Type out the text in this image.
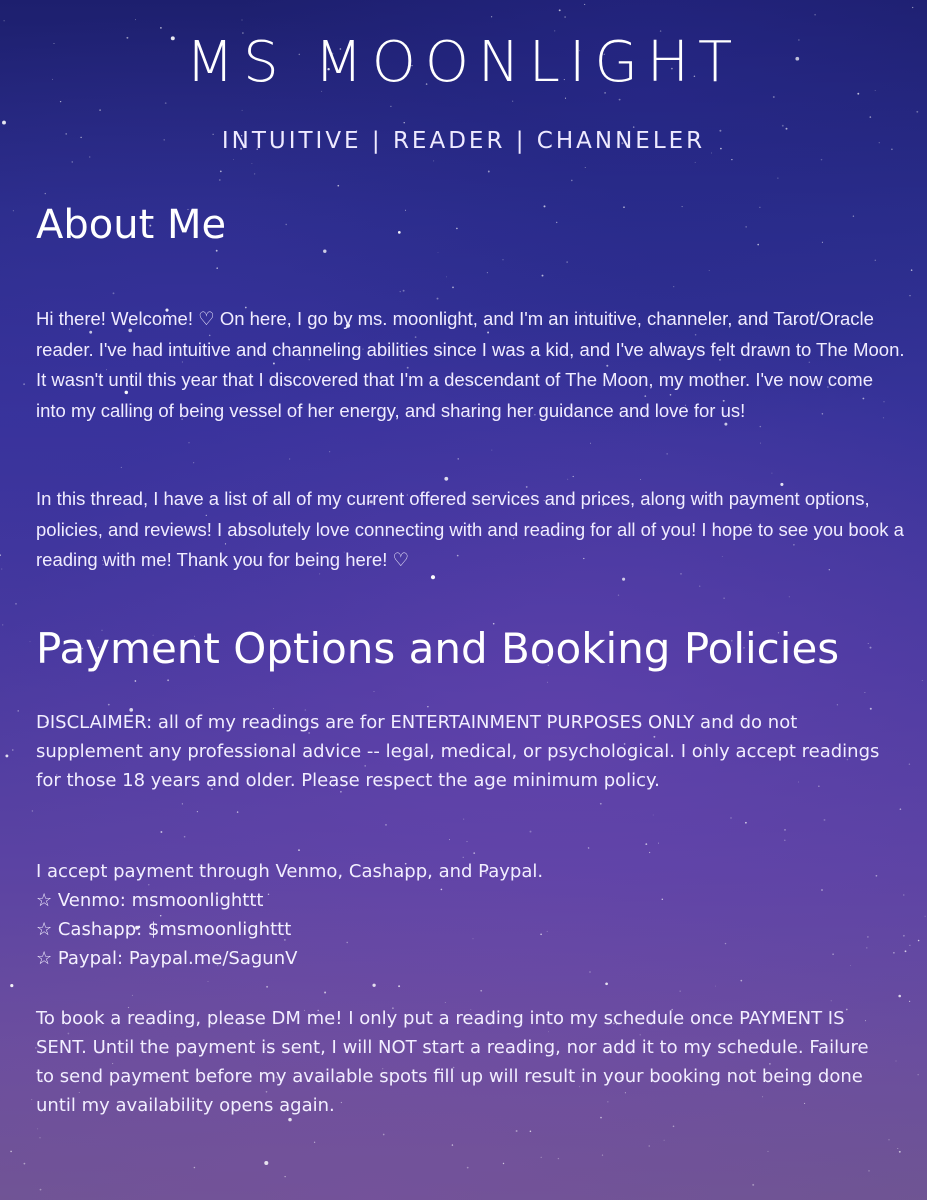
MS MOONLIGHT
INTUITIVE | READER | CHANNELER
About Me

Hi there! Welcome! ♡ On here, I go by ms. moonlight, and I'm an intuitive, channeler, and Tarot/Oracle reader. I've had intuitive and channeling abilities since I was a kid, and I've always felt drawn to The Moon. It wasn't until this year that I discovered that I'm a descendant of The Moon, my mother. I've now come into my calling of being vessel of her energy, and sharing her guidance and love for us!

In this thread, I have a list of all of my current offered services and prices, along with payment options, policies, and reviews! I absolutely love connecting with and reading for all of you! I hope to see you book a reading with me! Thank you for being here! ♡

Payment Options and Booking Policies

DISCLAIMER: all of my readings are for ENTERTAINMENT PURPOSES ONLY and do not supplement any professional advice -- legal, medical, or psychological. I only accept readings for those 18 years and older. Please respect the age minimum policy.

I accept payment through Venmo, Cashapp, and Paypal.

☆ Venmo: msmoonlighttt
☆ Cashapp: $msmoonlighttt
☆ Paypal: Paypal.me/SagunV

To book a reading, please DM me! I only put a reading into my schedule once PAYMENT IS SENT. Until the payment is sent, I will NOT start a reading, nor add it to my schedule. Failure to send payment before my available spots fill up will result in your booking not being done until my availability opens again.
